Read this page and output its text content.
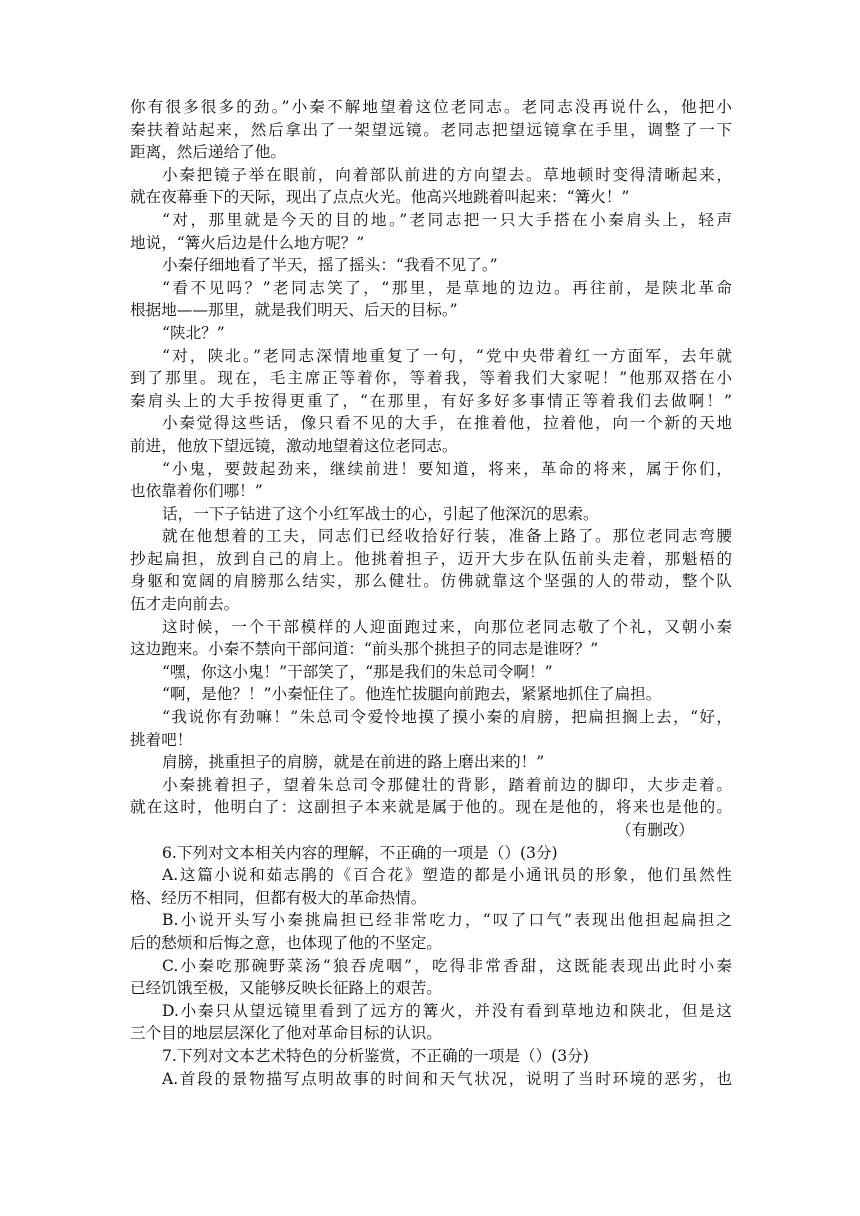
你有很多很多的劲。”小秦不解地望着这位老同志。老同志没再说什么，他把小
秦扶着站起来，然后拿出了一架望远镜。老同志把望远镜拿在手里，调整了一下
距离，然后递给了他。
小秦把镜子举在眼前，向着部队前进的方向望去。草地顿时变得清晰起来，
就在夜幕垂下的天际，现出了点点火光。他高兴地跳着叫起来：“篝火！”
“对，那里就是今天的目的地。”老同志把一只大手搭在小秦肩头上，轻声
地说，“篝火后边是什么地方呢？”
小秦仔细地看了半天，摇了摇头：“我看不见了。”
“看不见吗？”老同志笑了，“那里，是草地的边边。再往前，是陕北革命
根据地——那里，就是我们明天、后天的目标。”
“陕北？”
“对，陕北。”老同志深情地重复了一句，“党中央带着红一方面军，去年就
到了那里。现在，毛主席正等着你，等着我，等着我们大家呢！”他那双搭在小
秦肩头上的大手按得更重了，“在那里，有好多好多事情正等着我们去做啊！”
小秦觉得这些话，像只看不见的大手，在推着他，拉着他，向一个新的天地
前进，他放下望远镜，激动地望着这位老同志。
“小鬼，要鼓起劲来，继续前进！要知道，将来，革命的将来，属于你们，
也依靠着你们哪！”
话，一下子钻进了这个小红军战士的心，引起了他深沉的思索。
就在他想着的工夫，同志们已经收拾好行装，准备上路了。那位老同志弯腰
抄起扁担，放到自己的肩上。他挑着担子，迈开大步在队伍前头走着，那魁梧的
身躯和宽阔的肩膀那么结实，那么健壮。仿佛就靠这个坚强的人的带动，整个队
伍才走向前去。
这时候，一个干部模样的人迎面跑过来，向那位老同志敬了个礼，又朝小秦
这边跑来。小秦不禁向干部问道：“前头那个挑担子的同志是谁呀？”
“嘿，你这小鬼！”干部笑了，“那是我们的朱总司令啊！”
“啊，是他？！”小秦怔住了。他连忙拔腿向前跑去，紧紧地抓住了扁担。
“我说你有劲嘛！”朱总司令爱怜地摸了摸小秦的肩膀，把扁担搁上去，“好，
挑着吧！
肩膀，挑重担子的肩膀，就是在前进的路上磨出来的！”
小秦挑着担子，望着朱总司令那健壮的背影，踏着前边的脚印，大步走着。
就在这时，他明白了：这副担子本来就是属于他的。现在是他的，将来也是他的。
（有删改）
6.下列对文本相关内容的理解，不正确的一项是（）(3分)
A.这篇小说和茹志鹃的《百合花》塑造的都是小通讯员的形象，他们虽然性
格、经历不相同，但都有极大的革命热情。
B.小说开头写小秦挑扁担已经非常吃力，“叹了口气”表现出他担起扁担之
后的愁烦和后悔之意，也体现了他的不坚定。
C.小秦吃那碗野菜汤“狼吞虎咽”，吃得非常香甜，这既能表现出此时小秦
已经饥饿至极，又能够反映长征路上的艰苦。
D.小秦只从望远镜里看到了远方的篝火，并没有看到草地边和陕北，但是这
三个目的地层层深化了他对革命目标的认识。
7.下列对文本艺术特色的分析鉴赏，不正确的一项是（）(3分)
A.首段的景物描写点明故事的时间和天气状况，说明了当时环境的恶劣，也
